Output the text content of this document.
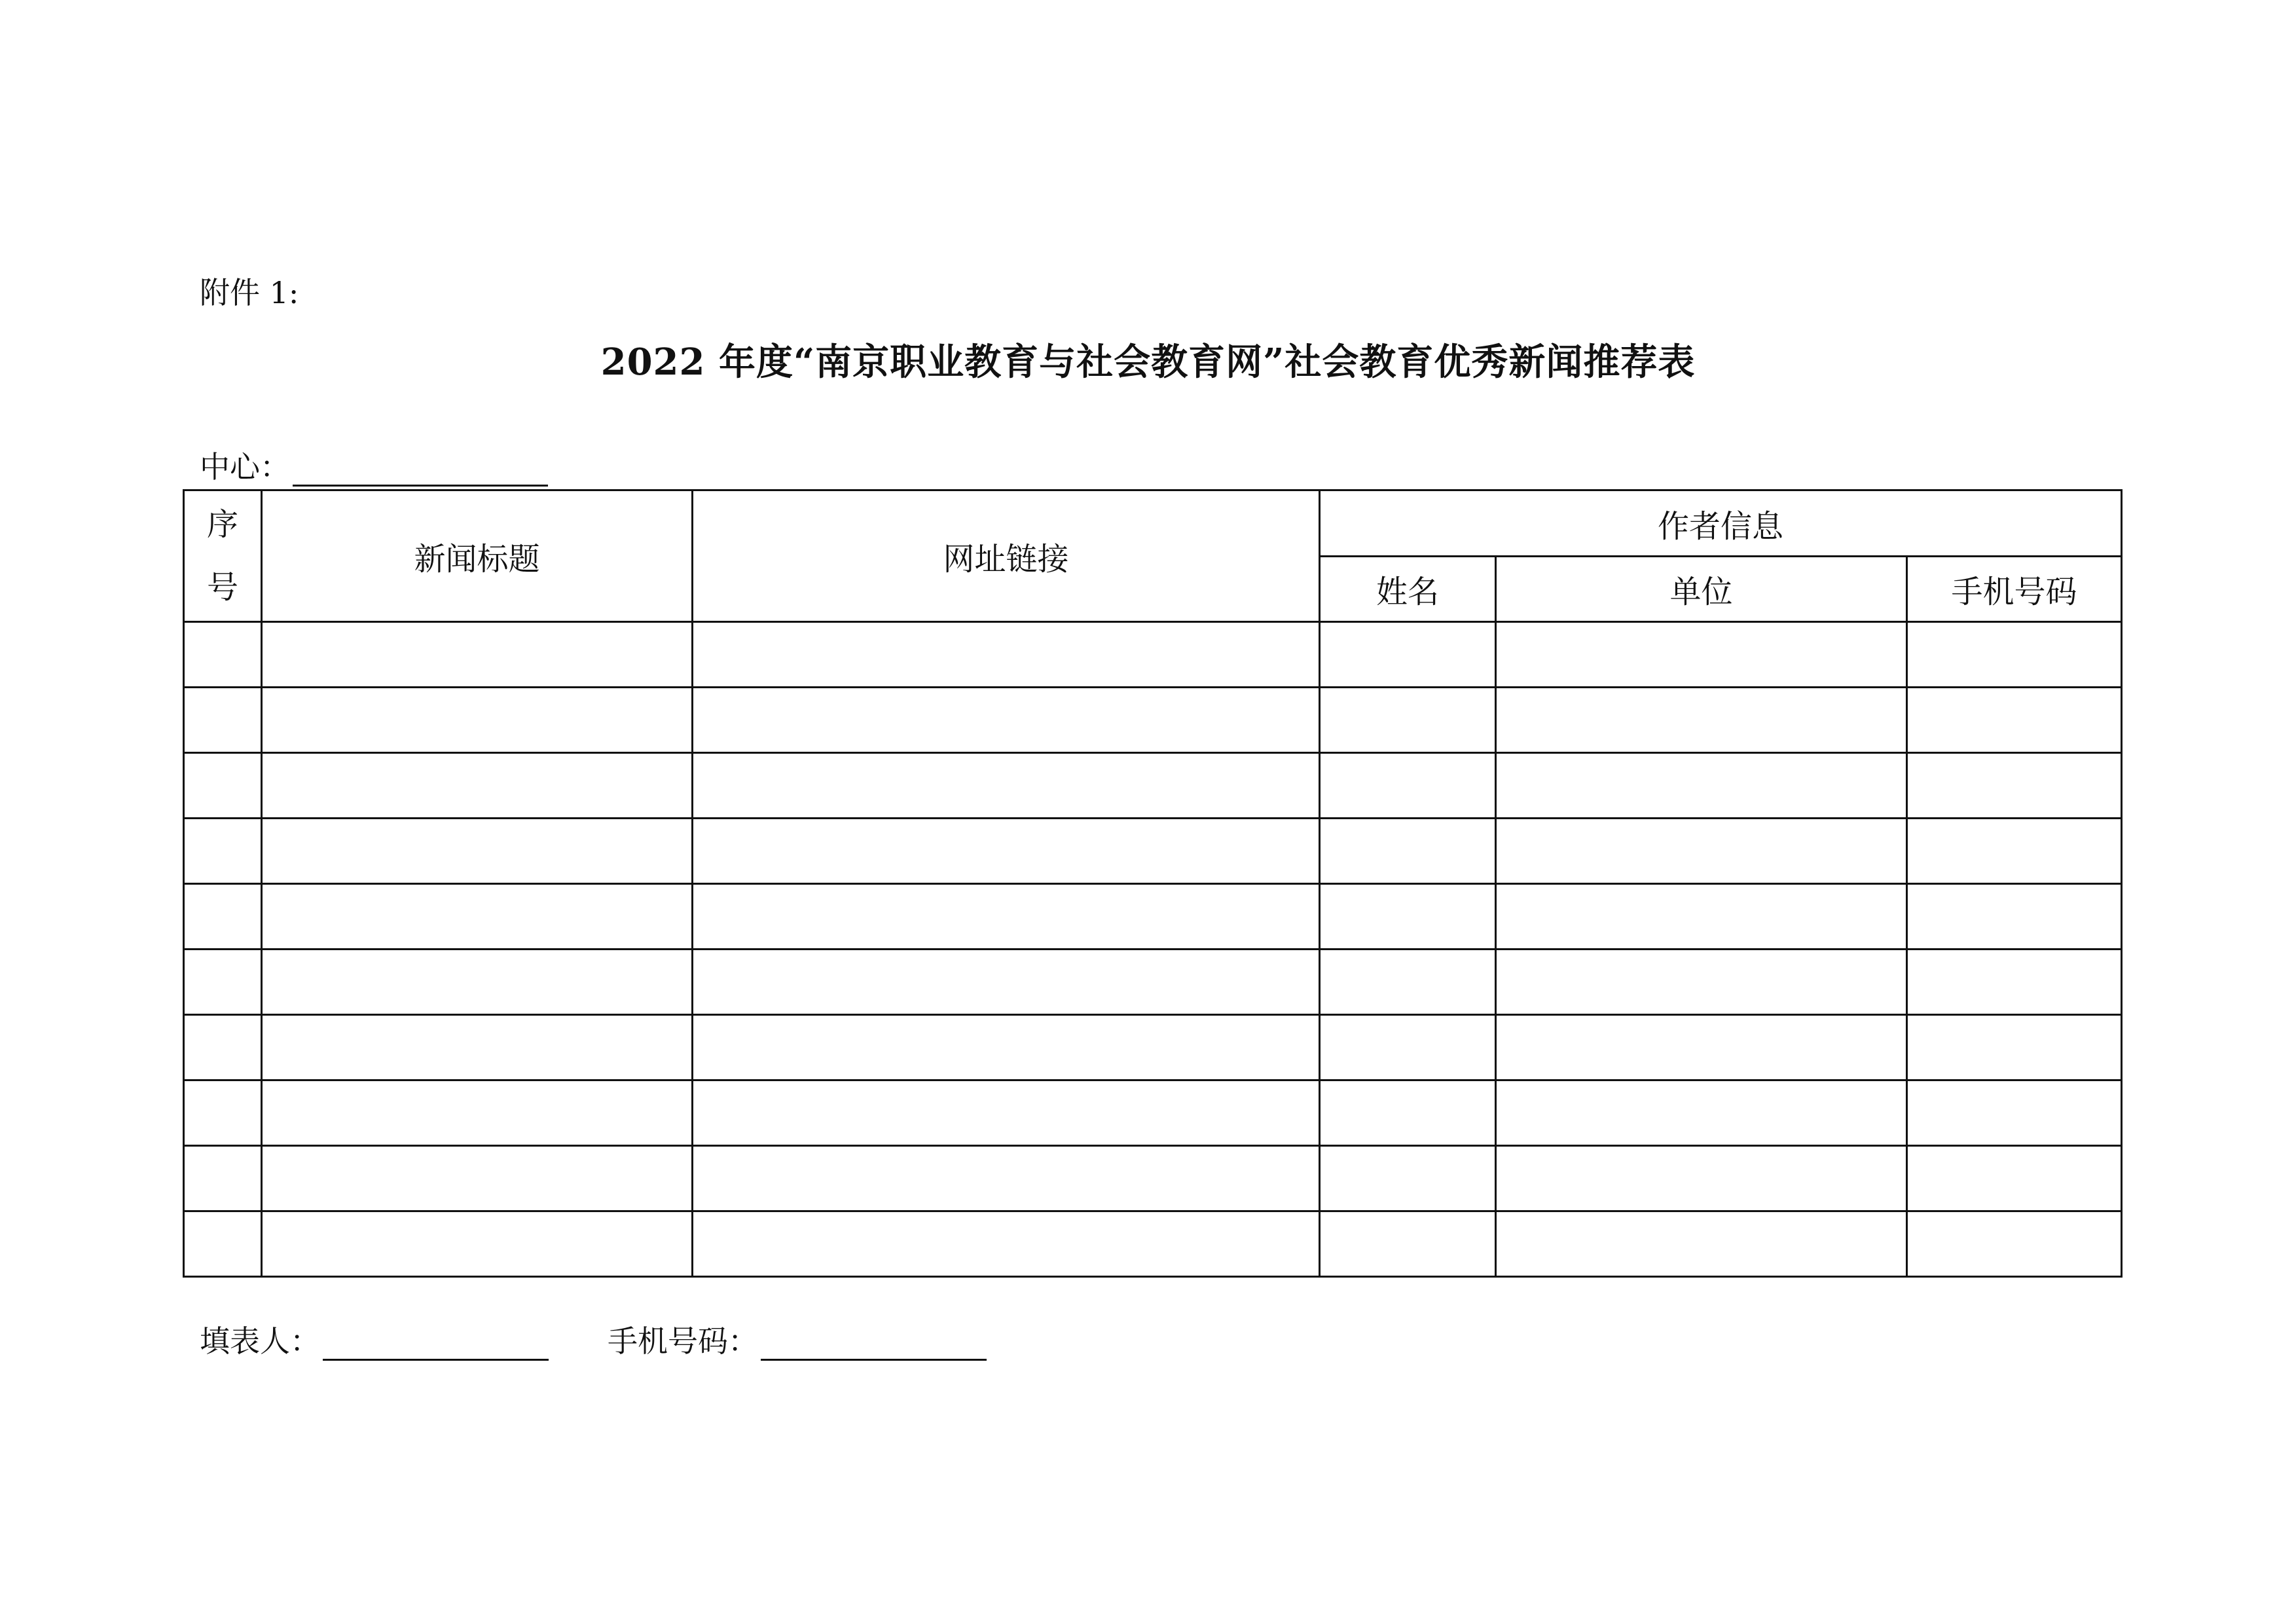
附件 1:
2022 年度“南京职业教育与社会教育网”社会教育优秀新闻推荐表
中心：
序
号	新闻标题	网址链接	作者信息		
			姓名	单位	手机号码

填表人：	手机号码：
